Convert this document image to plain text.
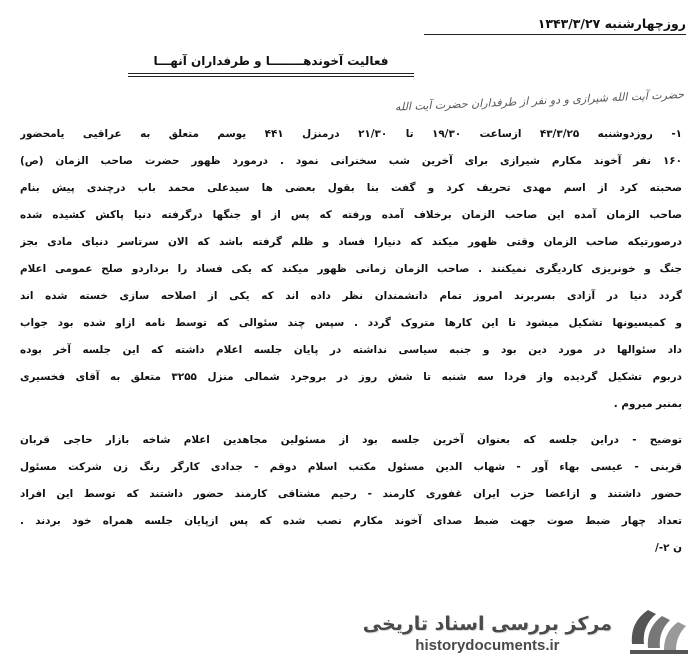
روزچهارشنبه ۱۳۴۳/۳/۲۷
فعالیت آخوندهــــــــا و طرفداران آنهـــا
حضرت آیت الله شیرازی و دو نفر از طرفداران حضرت آیت الله
۱- روزدوشنبه ۴۳/۳/۲۵ ازساعت ۱۹/۳۰ تا ۲۱/۳۰ درمنزل ۴۴۱ یوسم متعلق به عراقیی یامحضور
۱۶۰ نفر آخوند مکارم شیرازی برای آخرین شب سخنرانی نمود . درمورد ظهور حضرت صاحب الزمان (ص)
صحبته کرد از اسم مهدی تحریف کرد و گفت بنا بقول بعضی ها سیدعلی محمد باب درچندی پیش بنام
صاحب الزمان آمده این صاحب الزمان برخلاف آمده ورفته که پس از او جنگها درگرفته دنیا پاکش کشیده شده
درصورتیکه صاحب الزمان وقتی ظهور میکند که دنیارا فساد و ظلم گرفته باشد که الان سرتاسر دنیای مادی بجز
جنگ و خونریزی کاردیگری نمیکنند . صاحب الزمان زمانی ظهور میکند که یکی فساد را برداردو صلح عمومی اعلام
گردد دنیا در آزادی بسربرند امروز تمام دانشمندان نظر داده اند که یکی از اصلاحه سازی خسته شده اند
و کمیسیونها تشکیل میشود تا این کارها متروک گردد . سپس چند سئوالی که توسط نامه ازاو شده بود جواب
داد سئوالها در مورد دین بود و جنبه سیاسی نداشته در پایان جلسه اعلام داشته که این جلسه آخر بوده
دربوم تشکیل گردیده واز فردا سه شنبه تا شش روز در بروجرد شمالی منزل ۳۲۵۵ متعلق به آقای فخسیری
بمنبر میروم .
توضیح - دراین جلسه که بعنوان آخرین جلسه بود از مسئولین مجاهدین اعلام شاخه بازار حاجی قربان
قربنی - عیسی بهاء آور - شهاب الدین مسئول مکتب اسلام دوقم - جدادی کارگر رنگ زن شرکت مسئول
حضور داشتند و ازاعضا حزب ایران غفوری کارمند - رحیم مشتاقی کارمند حضور داشتند که توسط این افراد
تعداد چهار ضبط صوت جهت ضبط صدای آخوند مکارم نصب شده که پس ازپایان جلسه همراه خود بردند .
ن ۲-/
مرکز بررسی اسناد تاریخی
historydocuments.ir
